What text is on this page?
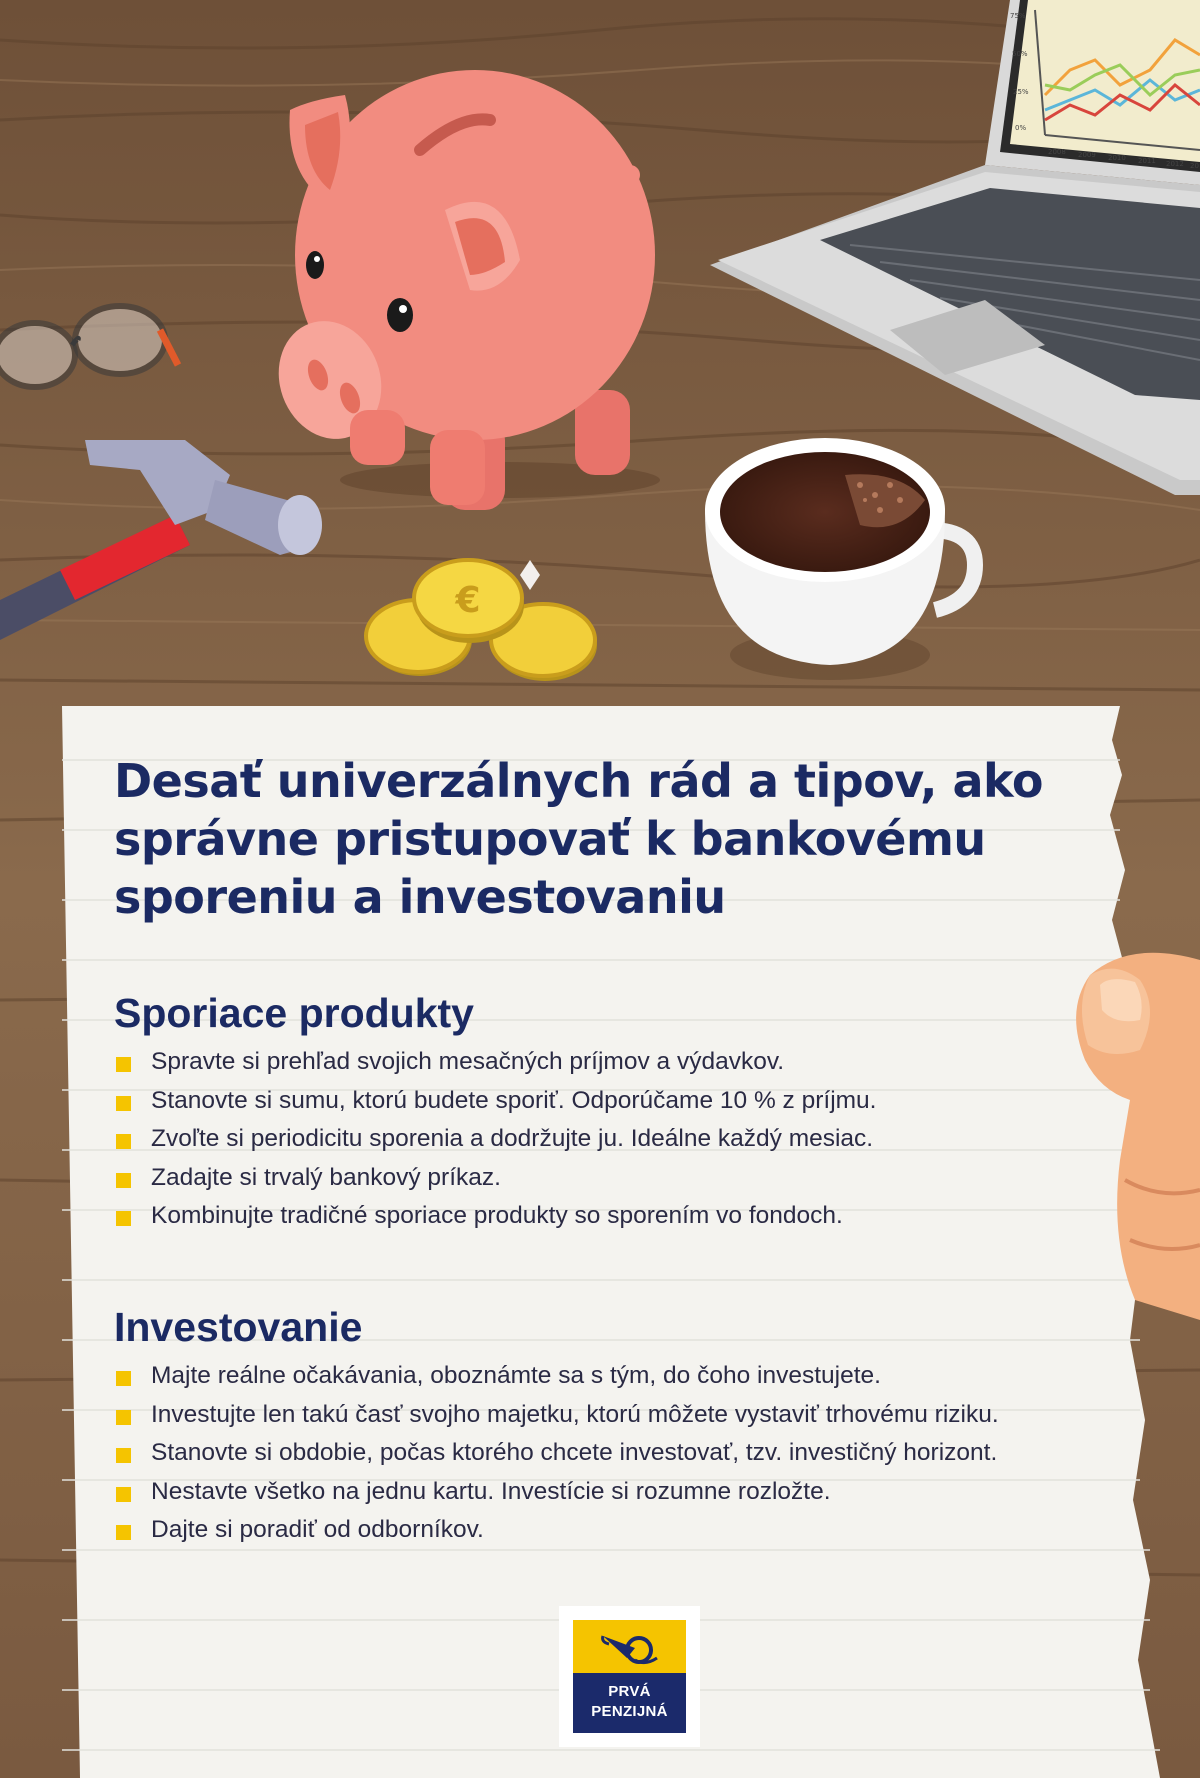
75%
50%
25%
0%
2008 2009 2010 2011 2012 20
€
Desať univerzálnych rád a tipov, ako správne pristupovať k bankovému sporeniu a investovaniu
Sporiace produkty
Spravte si prehľad svojich mesačných príjmov a výdavkov.
Stanovte si sumu, ktorú budete sporiť. Odporúčame 10 % z príjmu.
Zvoľte si periodicitu sporenia a dodržujte ju. Ideálne každý mesiac.
Zadajte si trvalý bankový príkaz.
Kombinujte tradičné sporiace produkty so sporením vo fondoch.
Investovanie
Majte reálne očakávania, oboznámte sa s tým, do čoho investujete.
Investujte len takú časť svojho majetku, ktorú môžete vystaviť trhovému riziku.
Stanovte si obdobie, počas ktorého chcete investovať, tzv. investičný horizont.
Nestavte všetko na jednu kartu. Investície si rozumne rozložte.
Dajte si poradiť od odborníkov.
PRVÁ
PENZIJNÁ
